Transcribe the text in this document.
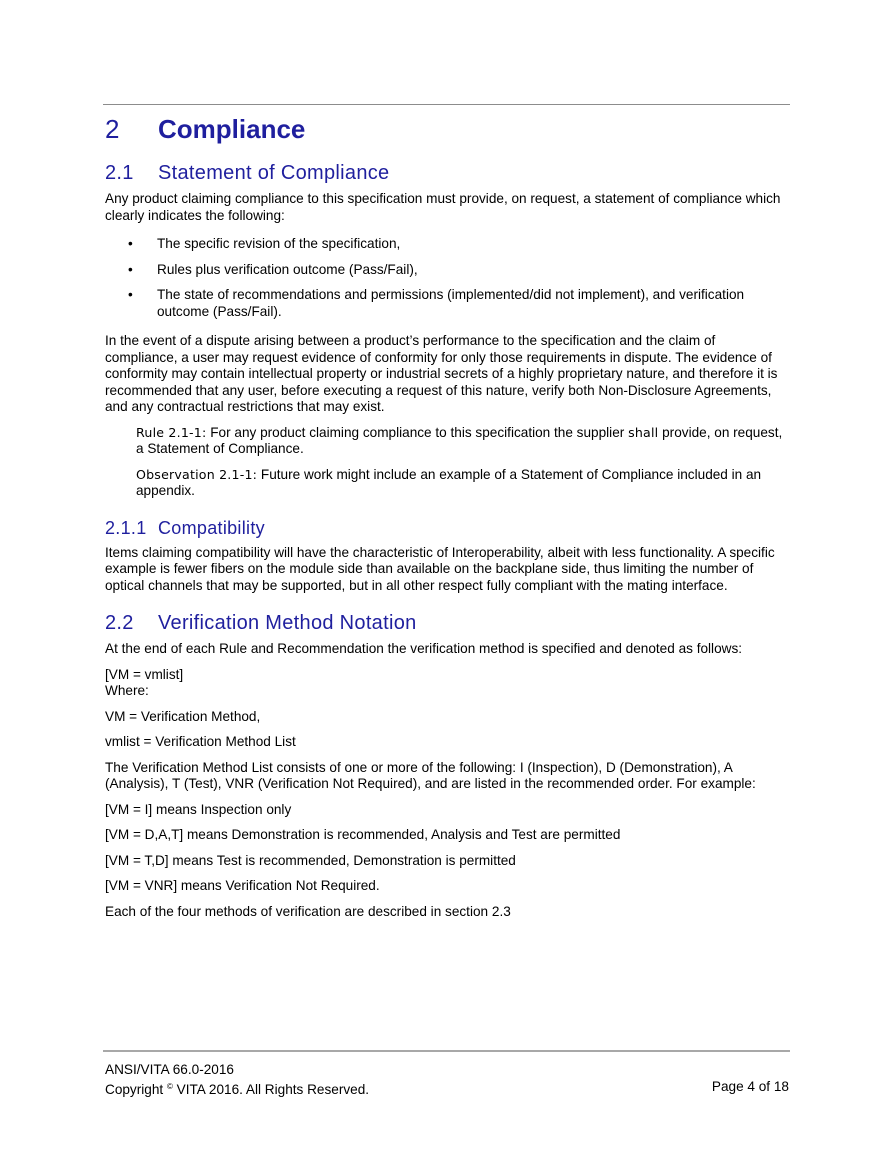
2	Compliance
2.1	Statement of Compliance

Any product claiming compliance to this specification must provide, on request, a statement of compliance which clearly indicates the following:

• The specific revision of the specification,
• Rules plus verification outcome (Pass/Fail),
• The state of recommendations and permissions (implemented/did not implement), and verification outcome (Pass/Fail).

In the event of a dispute arising between a product’s performance to the specification and the claim of compliance, a user may request evidence of conformity for only those requirements in dispute. The evidence of conformity may contain intellectual property or industrial secrets of a highly proprietary nature, and therefore it is recommended that any user, before executing a request of this nature, verify both Non-Disclosure Agreements, and any contractual restrictions that may exist.

Rule 2.1-1: For any product claiming compliance to this specification the supplier shall provide, on request, a Statement of Compliance.

Observation 2.1-1: Future work might include an example of a Statement of Compliance included in an appendix.

2.1.1 Compatibility

Items claiming compatibility will have the characteristic of Interoperability, albeit with less functionality. A specific example is fewer fibers on the module side than available on the backplane side, thus limiting the number of optical channels that may be supported, but in all other respect fully compliant with the mating interface.

2.2	Verification Method Notation

At the end of each Rule and Recommendation the verification method is specified and denoted as follows:

[VM = vmlist]

Where:

VM = Verification Method,

vmlist = Verification Method List

The Verification Method List consists of one or more of the following: I (Inspection), D (Demonstration), A (Analysis), T (Test), VNR (Verification Not Required), and are listed in the recommended order. For example:

[VM = I] means Inspection only

[VM = D,A,T] means Demonstration is recommended, Analysis and Test are permitted

[VM = T,D] means Test is recommended, Demonstration is permitted

[VM = VNR] means Verification Not Required.

Each of the four methods of verification are described in section 2.3

ANSI/VITA 66.0-2016
Copyright © VITA 2016. All Rights Reserved.	Page 4 of 18
